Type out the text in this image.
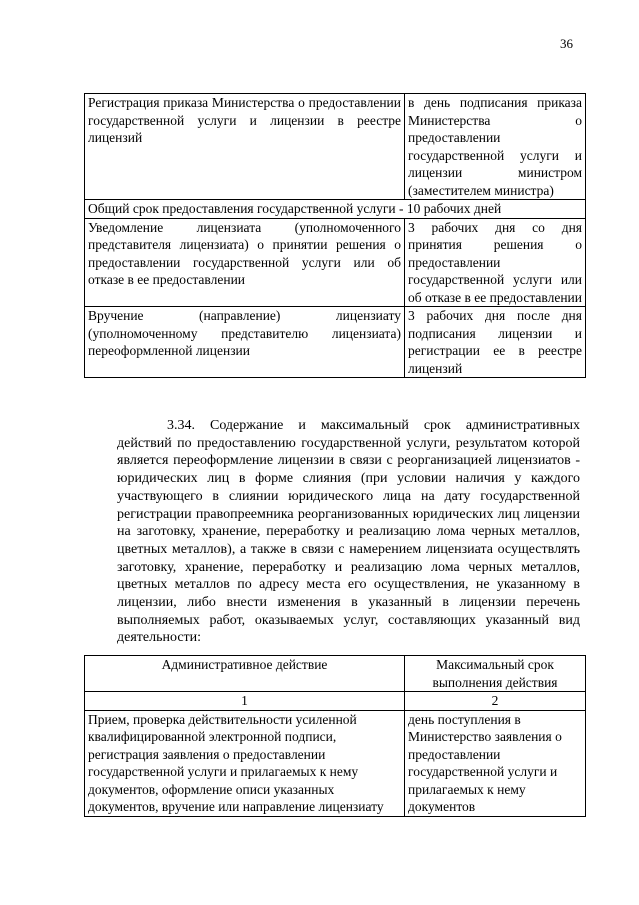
36
Регистрация приказа Министерства о предоставлении государственной услуги и лицензии в реестре лицензий	в день подписания приказа Министерства о предоставлении государственной услуги и лицензии министром (заместителем министра)
Общий срок предоставления государственной услуги - 10 рабочих дней	
Уведомление лицензиата (уполномоченного представителя лицензиата) о принятии решения о предоставлении государственной услуги или об отказе в ее предоставлении	3 рабочих дня со дня принятия решения о предоставлении государственной услуги или об отказе в ее предоставлении
Вручение (направление) лицензиату (уполномоченному представителю лицензиата) переоформленной лицензии	3 рабочих дня после дня подписания лицензии и регистрации ее в реестре лицензий

3.34. Содержание и максимальный срок административных действий по предоставлению государственной услуги, результатом которой является переоформление лицензии в связи с реорганизацией лицензиатов - юридических лиц в форме слияния (при условии наличия у каждого участвующего в слиянии юридического лица на дату государственной регистрации правопреемника реорганизованных юридических лиц лицензии на заготовку, хранение, переработку и реализацию лома черных металлов, цветных металлов), а также в связи с намерением лицензиата осуществлять заготовку, хранение, переработку и реализацию лома черных металлов, цветных металлов по адресу места его осуществления, не указанному в лицензии, либо внести изменения в указанный в лицензии перечень выполняемых работ, оказываемых услуг, составляющих указанный вид деятельности:

Административное действие	Максимальный срок выполнения действия
1	2
Прием, проверка действительности усиленной квалифицированной электронной подписи, регистрация заявления о предоставлении государственной услуги и прилагаемых к нему документов, оформление описи указанных документов, вручение или направление лицензиату	день поступления в Министерство заявления о предоставлении государственной услуги и прилагаемых к нему документов
